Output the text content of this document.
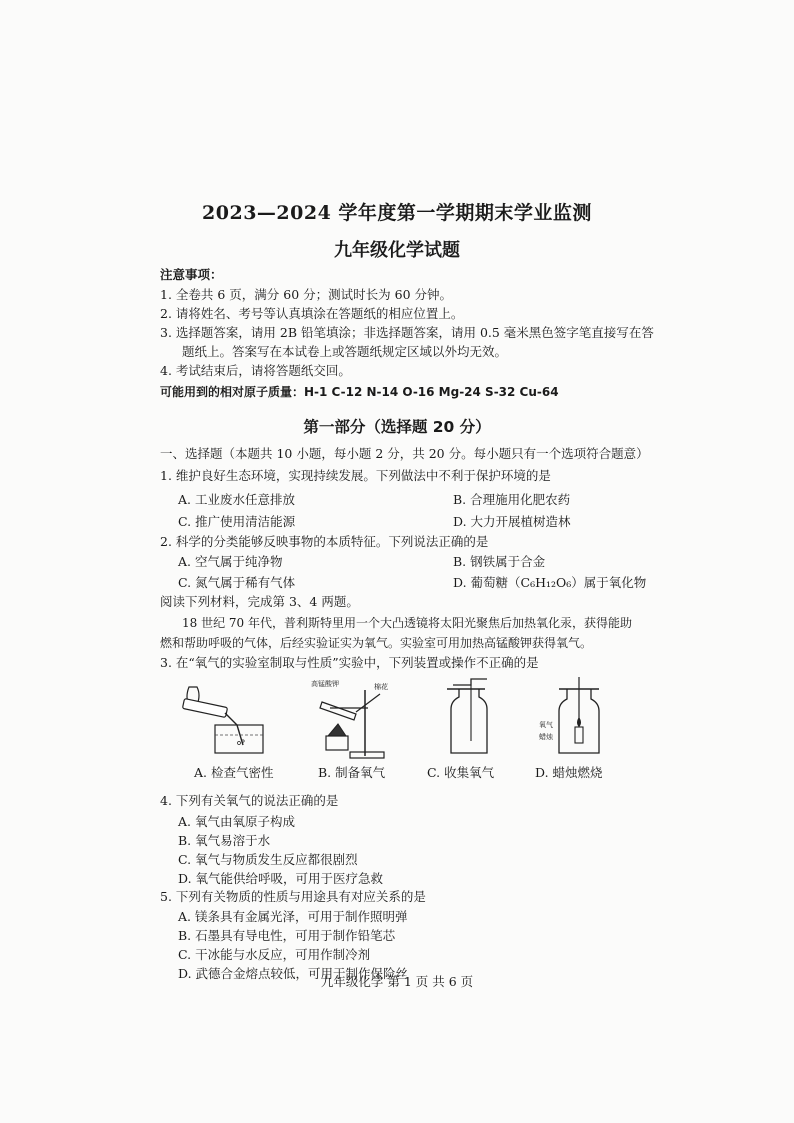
2023—2024 学年度第一学期期末学业监测
九年级化学试题
注意事项：
1. 全卷共 6 页，满分 60 分；测试时长为 60 分钟。
2. 请将姓名、考号等认真填涂在答题纸的相应位置上。
3. 选择题答案，请用 2B 铅笔填涂；非选择题答案，请用 0.5 毫米黑色签字笔直接写在答
题纸上。答案写在本试卷上或答题纸规定区域以外均无效。
4. 考试结束后，请将答题纸交回。
可能用到的相对原子质量：H-1 C-12 N-14 O-16 Mg-24 S-32 Cu-64
第一部分（选择题 20 分）
一、选择题（本题共 10 小题，每小题 2 分，共 20 分。每小题只有一个选项符合题意）
1. 维护良好生态环境，实现持续发展。下列做法中不利于保护环境的是
A. 工业废水任意排放	B. 合理施用化肥农药
C. 推广使用清洁能源	D. 大力开展植树造林
2. 科学的分类能够反映事物的本质特征。下列说法正确的是
A. 空气属于纯净物	B. 钢铁属于合金
C. 氮气属于稀有气体	D. 葡萄糖（C₆H₁₂O₆）属于氧化物
阅读下列材料，完成第 3、4 两题。
18 世纪 70 年代，普利斯特里用一个大凸透镜将太阳光聚焦后加热氧化汞，获得能助
燃和帮助呼吸的气体，后经实验证实为氧气。实验室可用加热高锰酸钾获得氧气。
3. 在“氧气的实验室制取与性质”实验中，下列装置或操作不正确的是
A. 检查气密性
高锰酸钾	棉花
B. 制备氧气	C. 收集氧气
氧气
蜡烛
D. 蜡烛燃烧
4. 下列有关氧气的说法正确的是
A. 氧气由氧原子构成
B. 氧气易溶于水
C. 氧气与物质发生反应都很剧烈
D. 氧气能供给呼吸，可用于医疗急救
5. 下列有关物质的性质与用途具有对应关系的是
A. 镁条具有金属光泽，可用于制作照明弹
B. 石墨具有导电性，可用于制作铅笔芯
C. 干冰能与水反应，可用作制冷剂
D. 武德合金熔点较低，可用于制作保险丝
九年级化学 第 1 页 共 6 页
